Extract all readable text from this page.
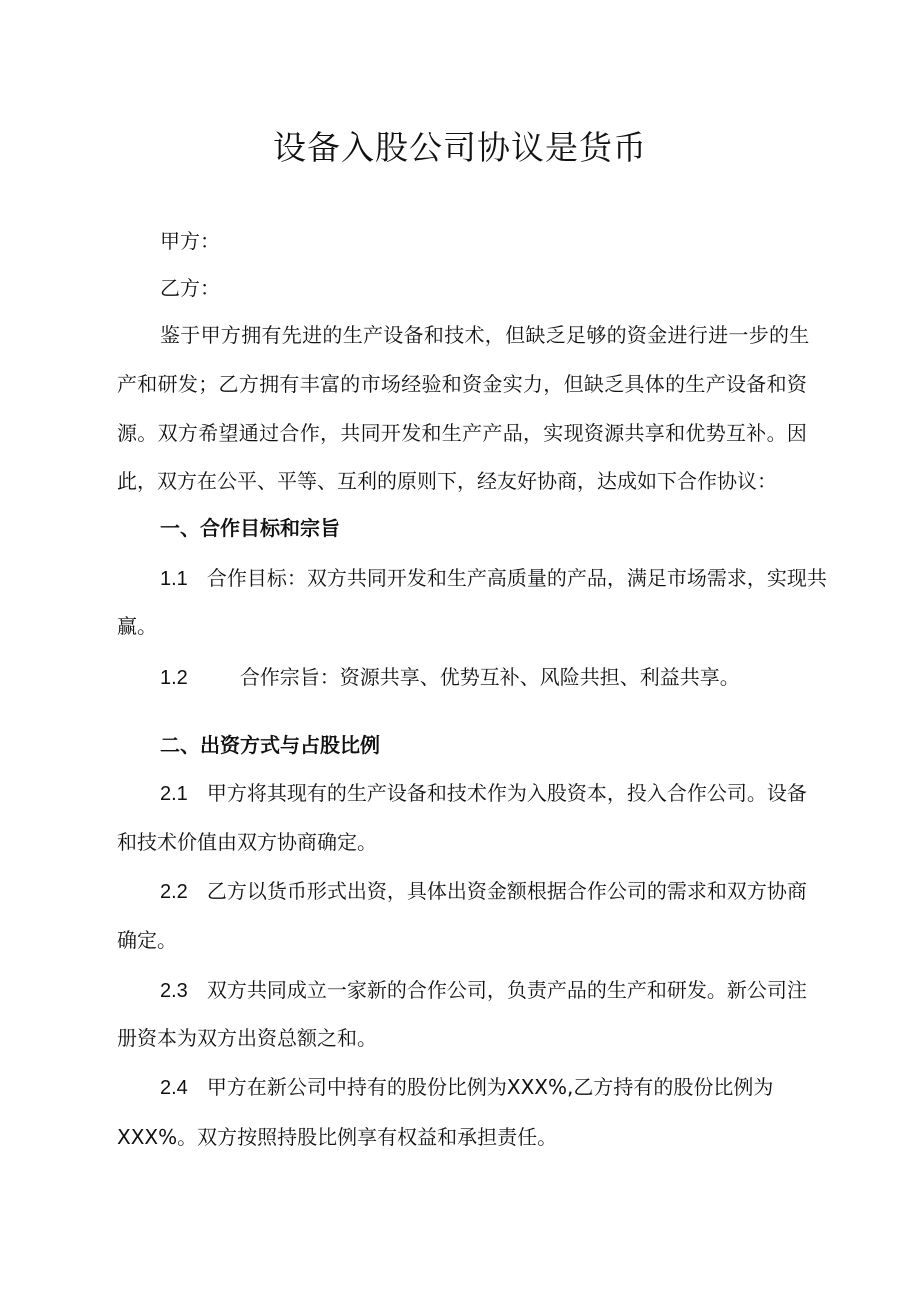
设备入股公司协议是货币
甲方：
乙方：
鉴于甲方拥有先进的生产设备和技术，但缺乏足够的资金进行进一步的生
产和研发；乙方拥有丰富的市场经验和资金实力，但缺乏具体的生产设备和资
源。双方希望通过合作，共同开发和生产产品，实现资源共享和优势互补。因
此，双方在公平、平等、互利的原则下，经友好协商，达成如下合作协议：
一、合作目标和宗旨
1.1 合作目标：双方共同开发和生产高质量的产品，满足市场需求，实现共
赢。
1.2	合作宗旨：资源共享、优势互补、风险共担、利益共享。
二、出资方式与占股比例
2.1 甲方将其现有的生产设备和技术作为入股资本，投入合作公司。设备
和技术价值由双方协商确定。
2.2 乙方以货币形式出资，具体出资金额根据合作公司的需求和双方协商
确定。
2.3 双方共同成立一家新的合作公司，负责产品的生产和研发。新公司注
册资本为双方出资总额之和。
2.4 甲方在新公司中持有的股份比例为XXX%,乙方持有的股份比例为
XXX%。双方按照持股比例享有权益和承担责任。
